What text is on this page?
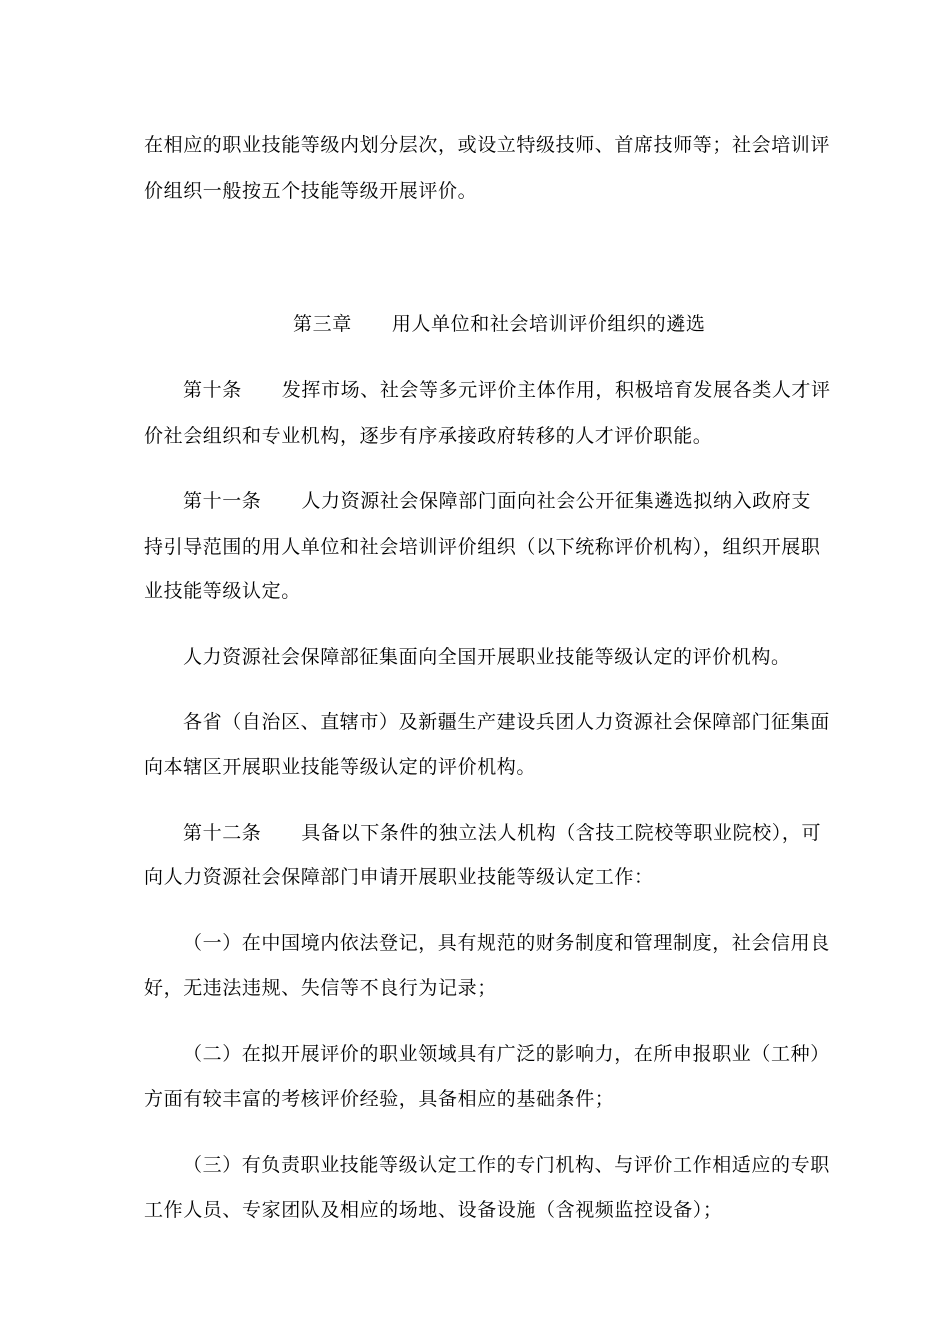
在相应的职业技能等级内划分层次，或设立特级技师、首席技师等；社会培训评
价组织一般按五个技能等级开展评价。
第三章 用人单位和社会培训评价组织的遴选
第十条 发挥市场、社会等多元评价主体作用，积极培育发展各类人才评
价社会组织和专业机构，逐步有序承接政府转移的人才评价职能。
第十一条 人力资源社会保障部门面向社会公开征集遴选拟纳入政府支
持引导范围的用人单位和社会培训评价组织（以下统称评价机构），组织开展职
业技能等级认定。
人力资源社会保障部征集面向全国开展职业技能等级认定的评价机构。
各省（自治区、直辖市）及新疆生产建设兵团人力资源社会保障部门征集面
向本辖区开展职业技能等级认定的评价机构。
第十二条 具备以下条件的独立法人机构（含技工院校等职业院校），可
向人力资源社会保障部门申请开展职业技能等级认定工作：
（一）在中国境内依法登记，具有规范的财务制度和管理制度，社会信用良
好，无违法违规、失信等不良行为记录；
（二）在拟开展评价的职业领域具有广泛的影响力，在所申报职业（工种）
方面有较丰富的考核评价经验，具备相应的基础条件；
（三）有负责职业技能等级认定工作的专门机构、与评价工作相适应的专职
工作人员、专家团队及相应的场地、设备设施（含视频监控设备）；
